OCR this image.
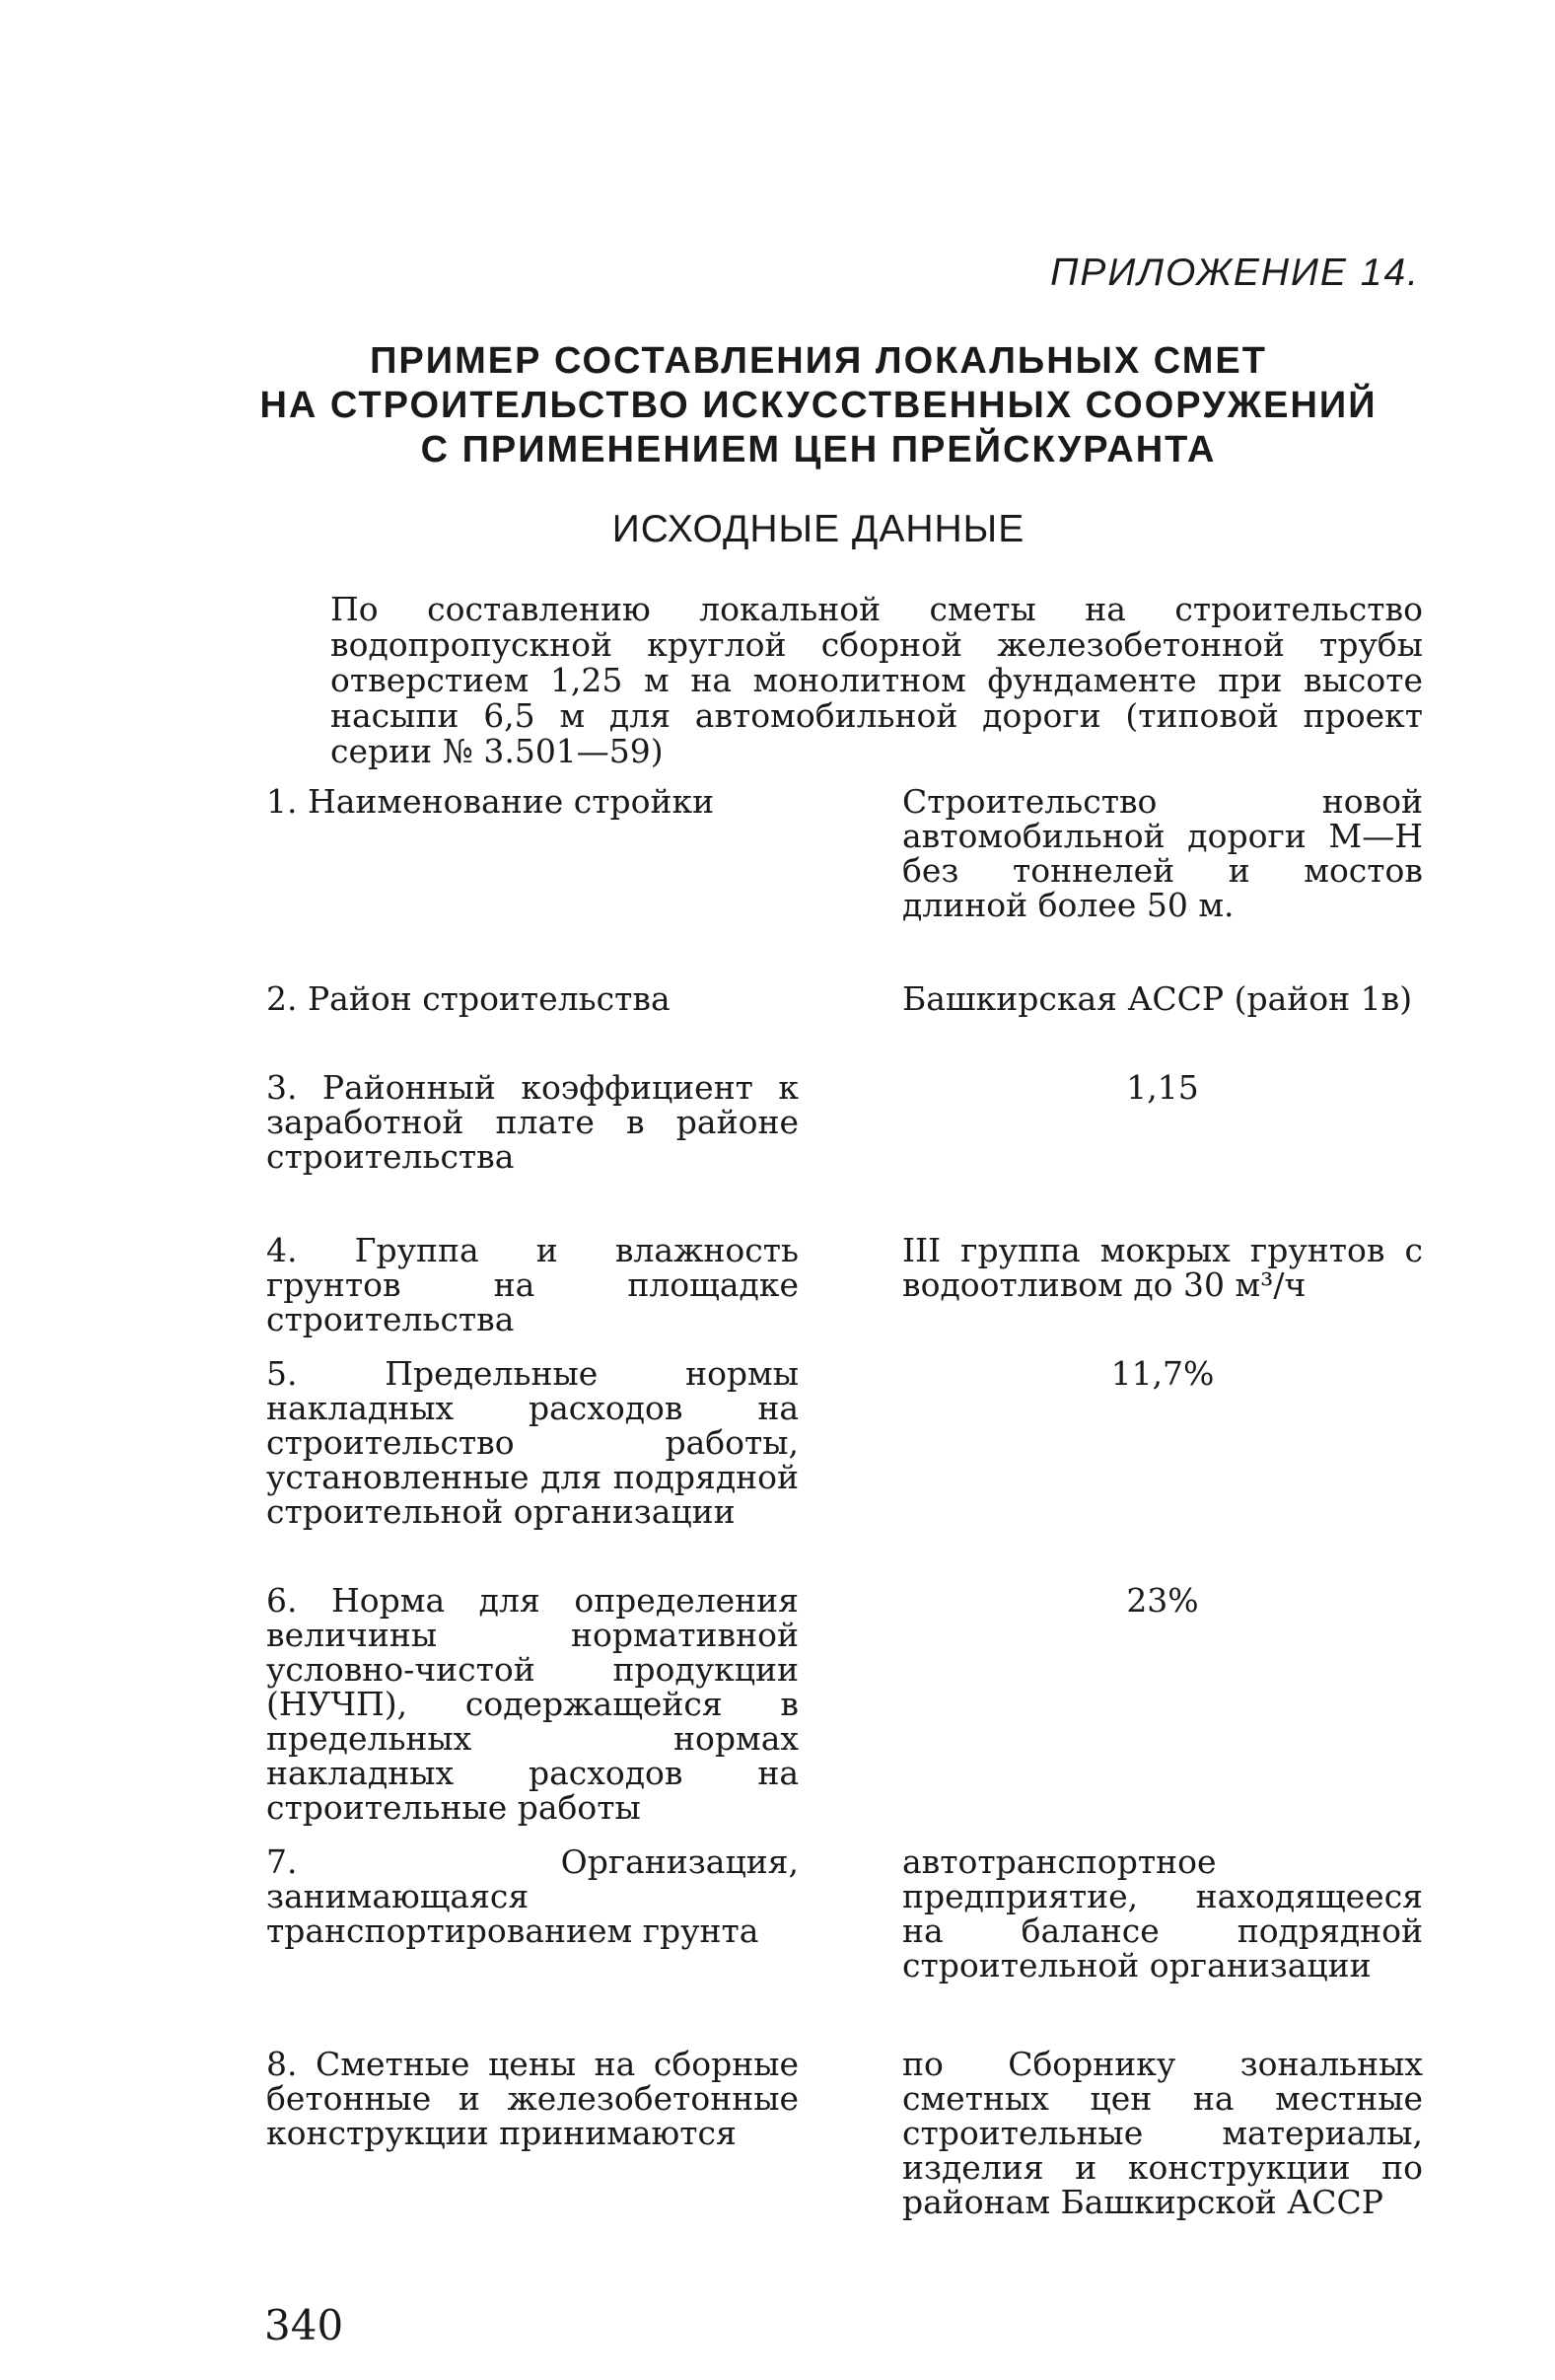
ПРИЛОЖЕНИЕ 14.
ПРИМЕР СОСТАВЛЕНИЯ ЛОКАЛЬНЫХ СМЕТ
НА СТРОИТЕЛЬСТВО ИСКУССТВЕННЫХ СООРУЖЕНИЙ
С ПРИМЕНЕНИЕМ ЦЕН ПРЕЙСКУРАНТА
ИСХОДНЫЕ ДАННЫЕ
По составлению локальной сметы на строительство водопропускной круглой сборной железобетонной трубы отверстием 1,25 м на монолитном фундаменте при высоте насыпи 6,5 м для автомобильной дороги (типовой проект серии № 3.501—59)
1. Наименование стройки	Строительство новой автомобильной дороги М—Н без тоннелей и мостов длиной более 50 м.
2. Район строительства	Башкирская АССР (район 1в)
3. Районный коэффициент к заработной плате в районе строительства
1,15
4. Группа и влажность грунтов на площадке строительства
III группа мокрых грунтов с водоотливом до 30 м³/ч
5. Предельные нормы накладных расходов на строительство работы, установленные для подрядной строительной организации
11,7%
6. Норма для определения величины нормативной условно-чистой продукции (НУЧП), содержащейся в предельных нормах накладных расходов на строительные работы
23%
7. Организация, занимающаяся транспортированием грунта
автотранспортное предприятие, находящееся на балансе подрядной строительной организации
8. Сметные цены на сборные бетонные и железобетонные конструкции принимаются
по Сборнику зональных сметных цен на местные строительные материалы, изделия и конструкции по районам Башкирской АССР
340
